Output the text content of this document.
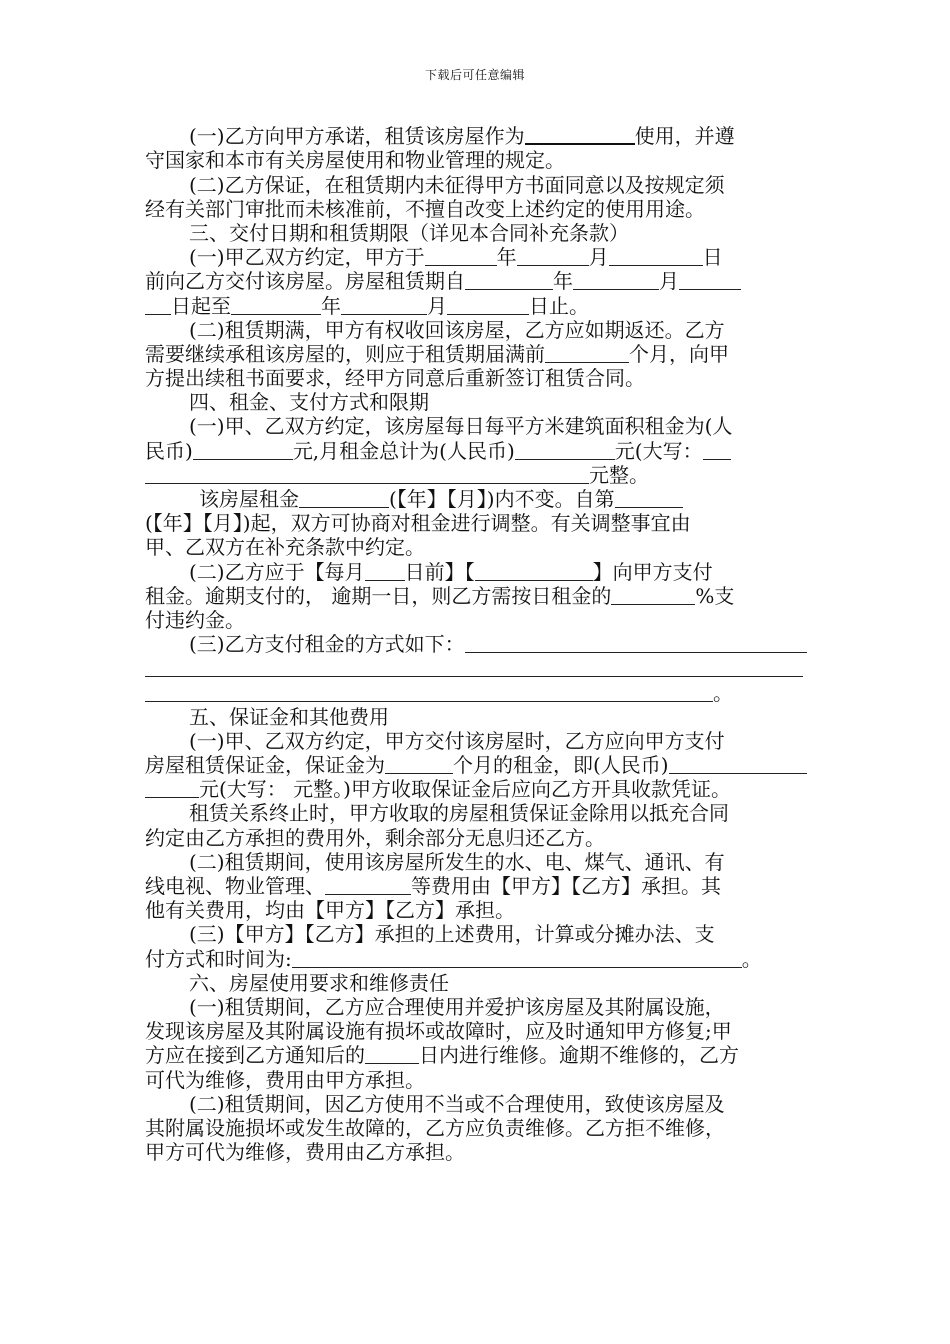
下载后可任意编辑
(一)乙方向甲方承诺，租赁该房屋作为	使用，并遵
守国家和本市有关房屋使用和物业管理的规定。
(二)乙方保证，在租赁期内未征得甲方书面同意以及按规定须
经有关部门审批而未核准前，不擅自改变上述约定的使用用途。
三、交付日期和租赁期限（详见本合同补充条款）
(一)甲乙双方约定，甲方于	年	月	日
前向乙方交付该房屋。房屋租赁期自	年	月
日起至	年	月	日止。
(二)租赁期满，甲方有权收回该房屋，乙方应如期返还。乙方
需要继续承租该房屋的，则应于租赁期届满前	个月，向甲
方提出续租书面要求，经甲方同意后重新签订租赁合同。
四、租金、支付方式和限期
(一)甲、乙双方约定，该房屋每日每平方米建筑面积租金为(人
民币)	元,月租金总计为(人民币)	元(大写：
元整。
该房屋租金	(【年】【月】)内不变。自第
(【年】【月】)起，双方可协商对租金进行调整。有关调整事宜由
甲、乙双方在补充条款中约定。
(二)乙方应于【每月 日前】【	】向甲方支付
租金。逾期支付的， 逾期一日，则乙方需按日租金的	%支
付违约金。
(三)乙方支付租金的方式如下：
。
五、保证金和其他费用
(一)甲、乙双方约定，甲方交付该房屋时，乙方应向甲方支付
房屋租赁保证金，保证金为	个月的租金，即(人民币)
元(大写： 元整。)甲方收取保证金后应向乙方开具收款凭证。
租赁关系终止时，甲方收取的房屋租赁保证金除用以抵充合同
约定由乙方承担的费用外，剩余部分无息归还乙方。
(二)租赁期间，使用该房屋所发生的水、电、煤气、通讯、有
线电视、物业管理、	等费用由【甲方】【乙方】承担。其
他有关费用，均由【甲方】【乙方】承担。
(三)【甲方】【乙方】承担的上述费用，计算或分摊办法、支
付方式和时间为:	。
六、房屋使用要求和维修责任
(一)租赁期间，乙方应合理使用并爱护该房屋及其附属设施，
发现该房屋及其附属设施有损坏或故障时，应及时通知甲方修复;甲
方应在接到乙方通知后的	日内进行维修。逾期不维修的，乙方
可代为维修，费用由甲方承担。
(二)租赁期间，因乙方使用不当或不合理使用，致使该房屋及
其附属设施损坏或发生故障的，乙方应负责维修。乙方拒不维修，
甲方可代为维修，费用由乙方承担。
